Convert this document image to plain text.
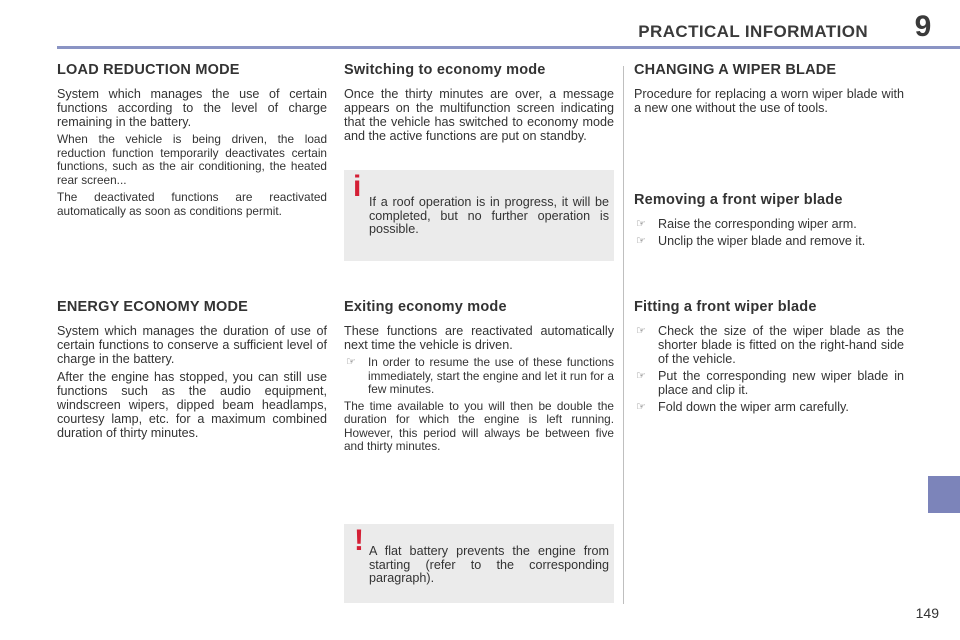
PRACTICAL INFORMATION	9
LOAD REDUCTION MODE

System which manages the use of certain functions according to the level of charge remaining in the battery.

When the vehicle is being driven, the load reduction function temporarily deactivates certain functions, such as the air conditioning, the heated rear screen...

The deactivated functions are reactivated automatically as soon as conditions permit.

ENERGY ECONOMY MODE

System which manages the duration of use of certain functions to conserve a sufficient level of charge in the battery.

After the engine has stopped, you can still use functions such as the audio equipment, windscreen wipers, dipped beam headlamps, courtesy lamp, etc. for a maximum combined duration of thirty minutes.

Switching to economy mode

Once the thirty minutes are over, a message appears on the multifunction screen indicating that the vehicle has switched to economy mode and the active functions are put on standby.

i If a roof operation is in progress, it will be completed, but no further operation is possible.

Exiting economy mode

These functions are reactivated automatically next time the vehicle is driven.

☞ In order to resume the use of these functions immediately, start the engine and let it run for a few minutes.

The time available to you will then be double the duration for which the engine is left running. However, this period will always be between five and thirty minutes.

! A flat battery prevents the engine from starting (refer to the corresponding paragraph).

CHANGING A WIPER BLADE

Procedure for replacing a worn wiper blade with a new one without the use of tools.

Removing a front wiper blade
☞ Raise the corresponding wiper arm.
☞ Unclip the wiper blade and remove it.
Fitting a front wiper blade
☞ Check the size of the wiper blade as the shorter blade is fitted on the right-hand side of the vehicle.
☞ Put the corresponding new wiper blade in place and clip it.
☞ Fold down the wiper arm carefully.
149
